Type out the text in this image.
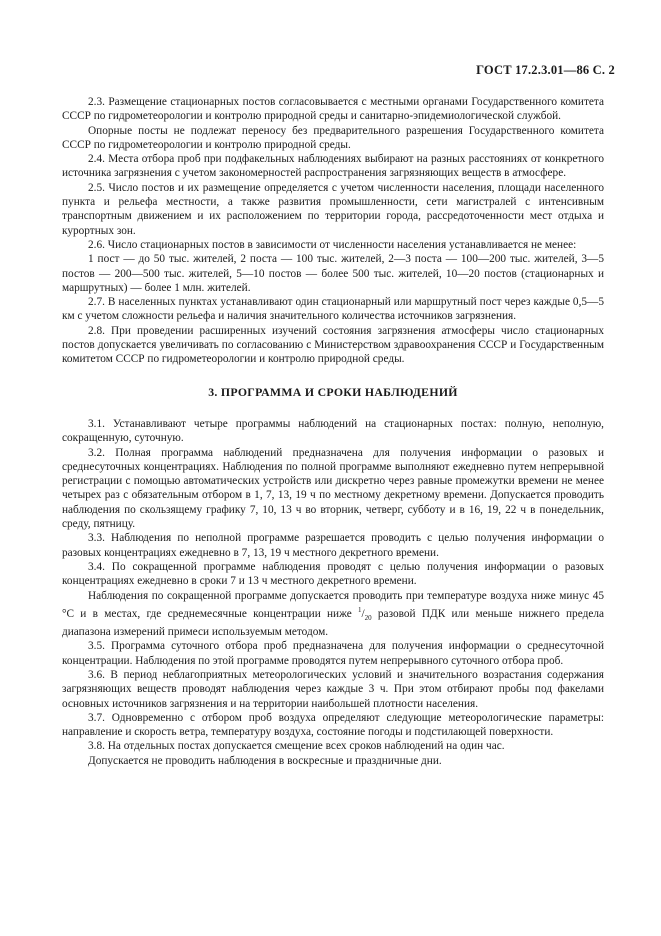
ГОСТ 17.2.3.01—86 С. 2

2.3. Размещение стационарных постов согласовывается с местными органами Государственного комитета СССР по гидрометеорологии и контролю природной среды и санитарно-эпидемиологической службой.

Опорные посты не подлежат переносу без предварительного разрешения Государственного комитета СССР по гидрометеорологии и контролю природной среды.

2.4. Места отбора проб при подфакельных наблюдениях выбирают на разных расстояниях от конкретного источника загрязнения с учетом закономерностей распространения загрязняющих веществ в атмосфере.

2.5. Число постов и их размещение определяется с учетом численности населения, площади населенного пункта и рельефа местности, а также развития промышленности, сети магистралей с интенсивным транспортным движением и их расположением по территории города, рассредоточенности мест отдыха и курортных зон.

2.6. Число стационарных постов в зависимости от численности населения устанавливается не менее:

1 пост — до 50 тыс. жителей, 2 поста — 100 тыс. жителей, 2—3 поста — 100—200 тыс. жителей, 3—5 постов — 200—500 тыс. жителей, 5—10 постов — более 500 тыс. жителей, 10—20 постов (стационарных и маршрутных) — более 1 млн. жителей.

2.7. В населенных пунктах устанавливают один стационарный или маршрутный пост через каждые 0,5—5 км с учетом сложности рельефа и наличия значительного количества источников загрязнения.

2.8. При проведении расширенных изучений состояния загрязнения атмосферы число стационарных постов допускается увеличивать по согласованию с Министерством здравоохранения СССР и Государственным комитетом СССР по гидрометеорологии и контролю природной среды.

3. ПРОГРАММА И СРОКИ НАБЛЮДЕНИЙ

3.1. Устанавливают четыре программы наблюдений на стационарных постах: полную, неполную, сокращенную, суточную.

3.2. Полная программа наблюдений предназначена для получения информации о разовых и среднесуточных концентрациях. Наблюдения по полной программе выполняют ежедневно путем непрерывной регистрации с помощью автоматических устройств или дискретно через равные промежутки времени не менее четырех раз с обязательным отбором в 1, 7, 13, 19 ч по местному декретному времени. Допускается проводить наблюдения по скользящему графику 7, 10, 13 ч во вторник, четверг, субботу и в 16, 19, 22 ч в понедельник, среду, пятницу.

3.3. Наблюдения по неполной программе разрешается проводить с целью получения информации о разовых концентрациях ежедневно в 7, 13, 19 ч местного декретного времени.

3.4. По сокращенной программе наблюдения проводят с целью получения информации о разовых концентрациях ежедневно в сроки 7 и 13 ч местного декретного времени.

Наблюдения по сокращенной программе допускается проводить при температуре воздуха ниже минус 45 °С и в местах, где среднемесячные концентрации ниже $^1/_{20}$ разовой ПДК или меньше нижнего предела диапазона измерений примеси используемым методом.

3.5. Программа суточного отбора проб предназначена для получения информации о среднесуточной концентрации. Наблюдения по этой программе проводятся путем непрерывного суточного отбора проб.

3.6. В период неблагоприятных метеорологических условий и значительного возрастания содержания загрязняющих веществ проводят наблюдения через каждые 3 ч. При этом отбирают пробы под факелами основных источников загрязнения и на территории наибольшей плотности населения.

3.7. Одновременно с отбором проб воздуха определяют следующие метеорологические параметры: направление и скорость ветра, температуру воздуха, состояние погоды и подстилающей поверхности.

3.8. На отдельных постах допускается смещение всех сроков наблюдений на один час.

Допускается не проводить наблюдения в воскресные и праздничные дни.
